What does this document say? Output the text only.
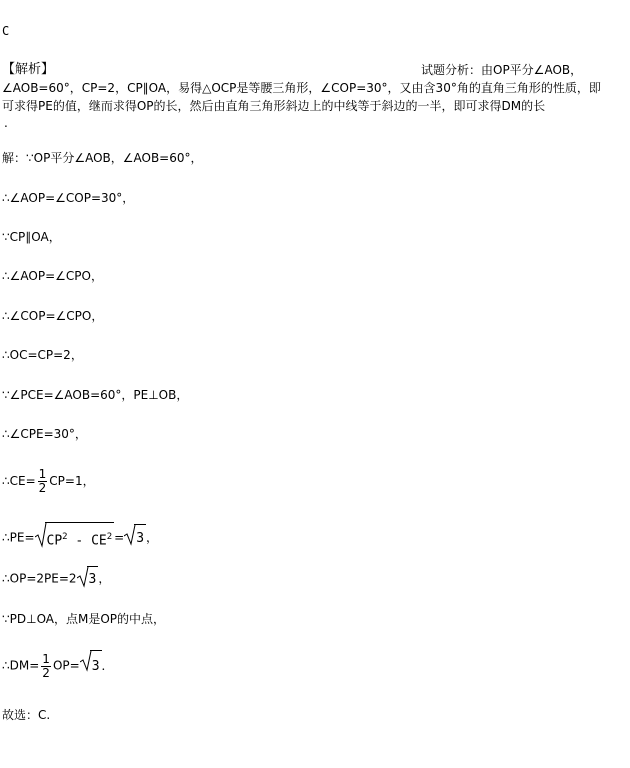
C
【解析】	试题分析：由OP平分∠AOB，
∠AOB=60°，CP=2，CP∥OA，易得△OCP是等腰三角形，∠COP=30°，又由含30°角的直角三角形的性质，即
可求得PE的值，继而求得OP的长，然后由直角三角形斜边上的中线等于斜边的一半，即可求得DM的长
.
解：∵OP平分∠AOB，∠AOB=60°，
∴∠AOP=∠COP=30°，
∵CP∥OA，
∴∠AOP=∠CPO，
∴∠COP=∠CPO，
∴OC=CP=2，
∵∠PCE=∠AOB=60°，PE⊥OB，
∴∠CPE=30°，
∴CE= $\frac{1}{2} CP=1$，
∴PE= $CP^2 - CE^2 = 3$ ，
∴OP=2PE=2 3 ，
∵PD⊥OA，点M是OP的中点，
∴DM= $\frac{1}{2} OP= 3$ ．
故选：C.
